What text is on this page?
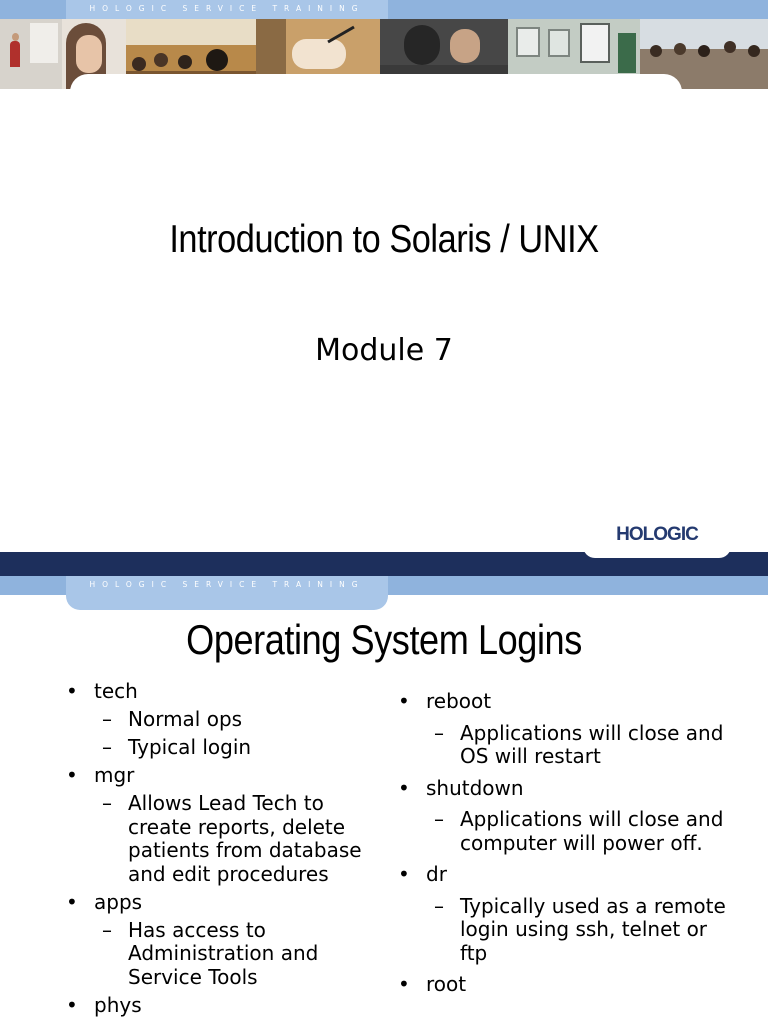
HOLOGIC SERVICE TRAINING
Introduction to Solaris / UNIX
Module 7
HOLOGIC
HOLOGIC SERVICE TRAINING
Operating System Logins
• tech
– Normal ops
– Typical login
• mgr
– Allows Lead Tech to create reports, delete patients from database and edit procedures
• apps
– Has access to Administration and Service Tools
• phys
• reboot
– Applications will close and OS will restart
• shutdown
– Applications will close and computer will power off.
• dr
– Typically used as a remote login using ssh, telnet or ftp
• root
